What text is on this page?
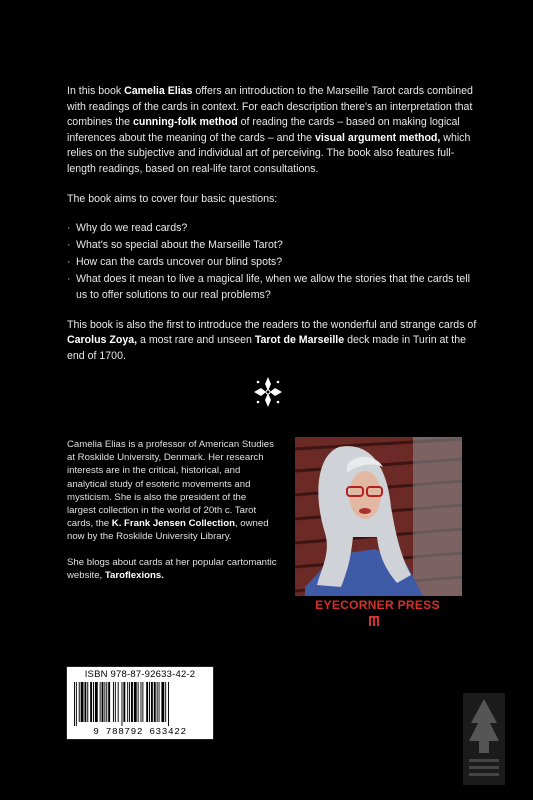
In this book Camelia Elias offers an introduction to the Marseille Tarot cards combined with readings of the cards in context. For each description there's an interpretation that combines the cunning-folk method of reading the cards – based on making logical inferences about the meaning of the cards – and the visual argument method, which relies on the subjective and individual art of perceiving. The book also features full-length readings, based on real-life tarot consultations.

The book aims to cover four basic questions:

· Why do we read cards?
· What's so special about the Marseille Tarot?
· How can the cards uncover our blind spots?
· What does it mean to live a magical life, when we allow the stories that the cards tell us to offer solutions to our real problems?

This book is also the first to introduce the readers to the wonderful and strange cards of Carolus Zoya, a most rare and unseen Tarot de Marseille deck made in Turin at the end of 1700.

Camelia Elias is a professor of American Studies at Roskilde University, Denmark. Her research interests are in the critical, historical, and analytical study of esoteric movements and mysticism. She is also the president of the largest collection in the world of 20th c. Tarot cards, the K. Frank Jensen Collection, owned now by the Roskilde University Library.

She blogs about cards at her popular cartomantic website, Taroflexions.

EYECORNER PRESS
ISBN 978-87-92633-42-2
9 788792 633422
